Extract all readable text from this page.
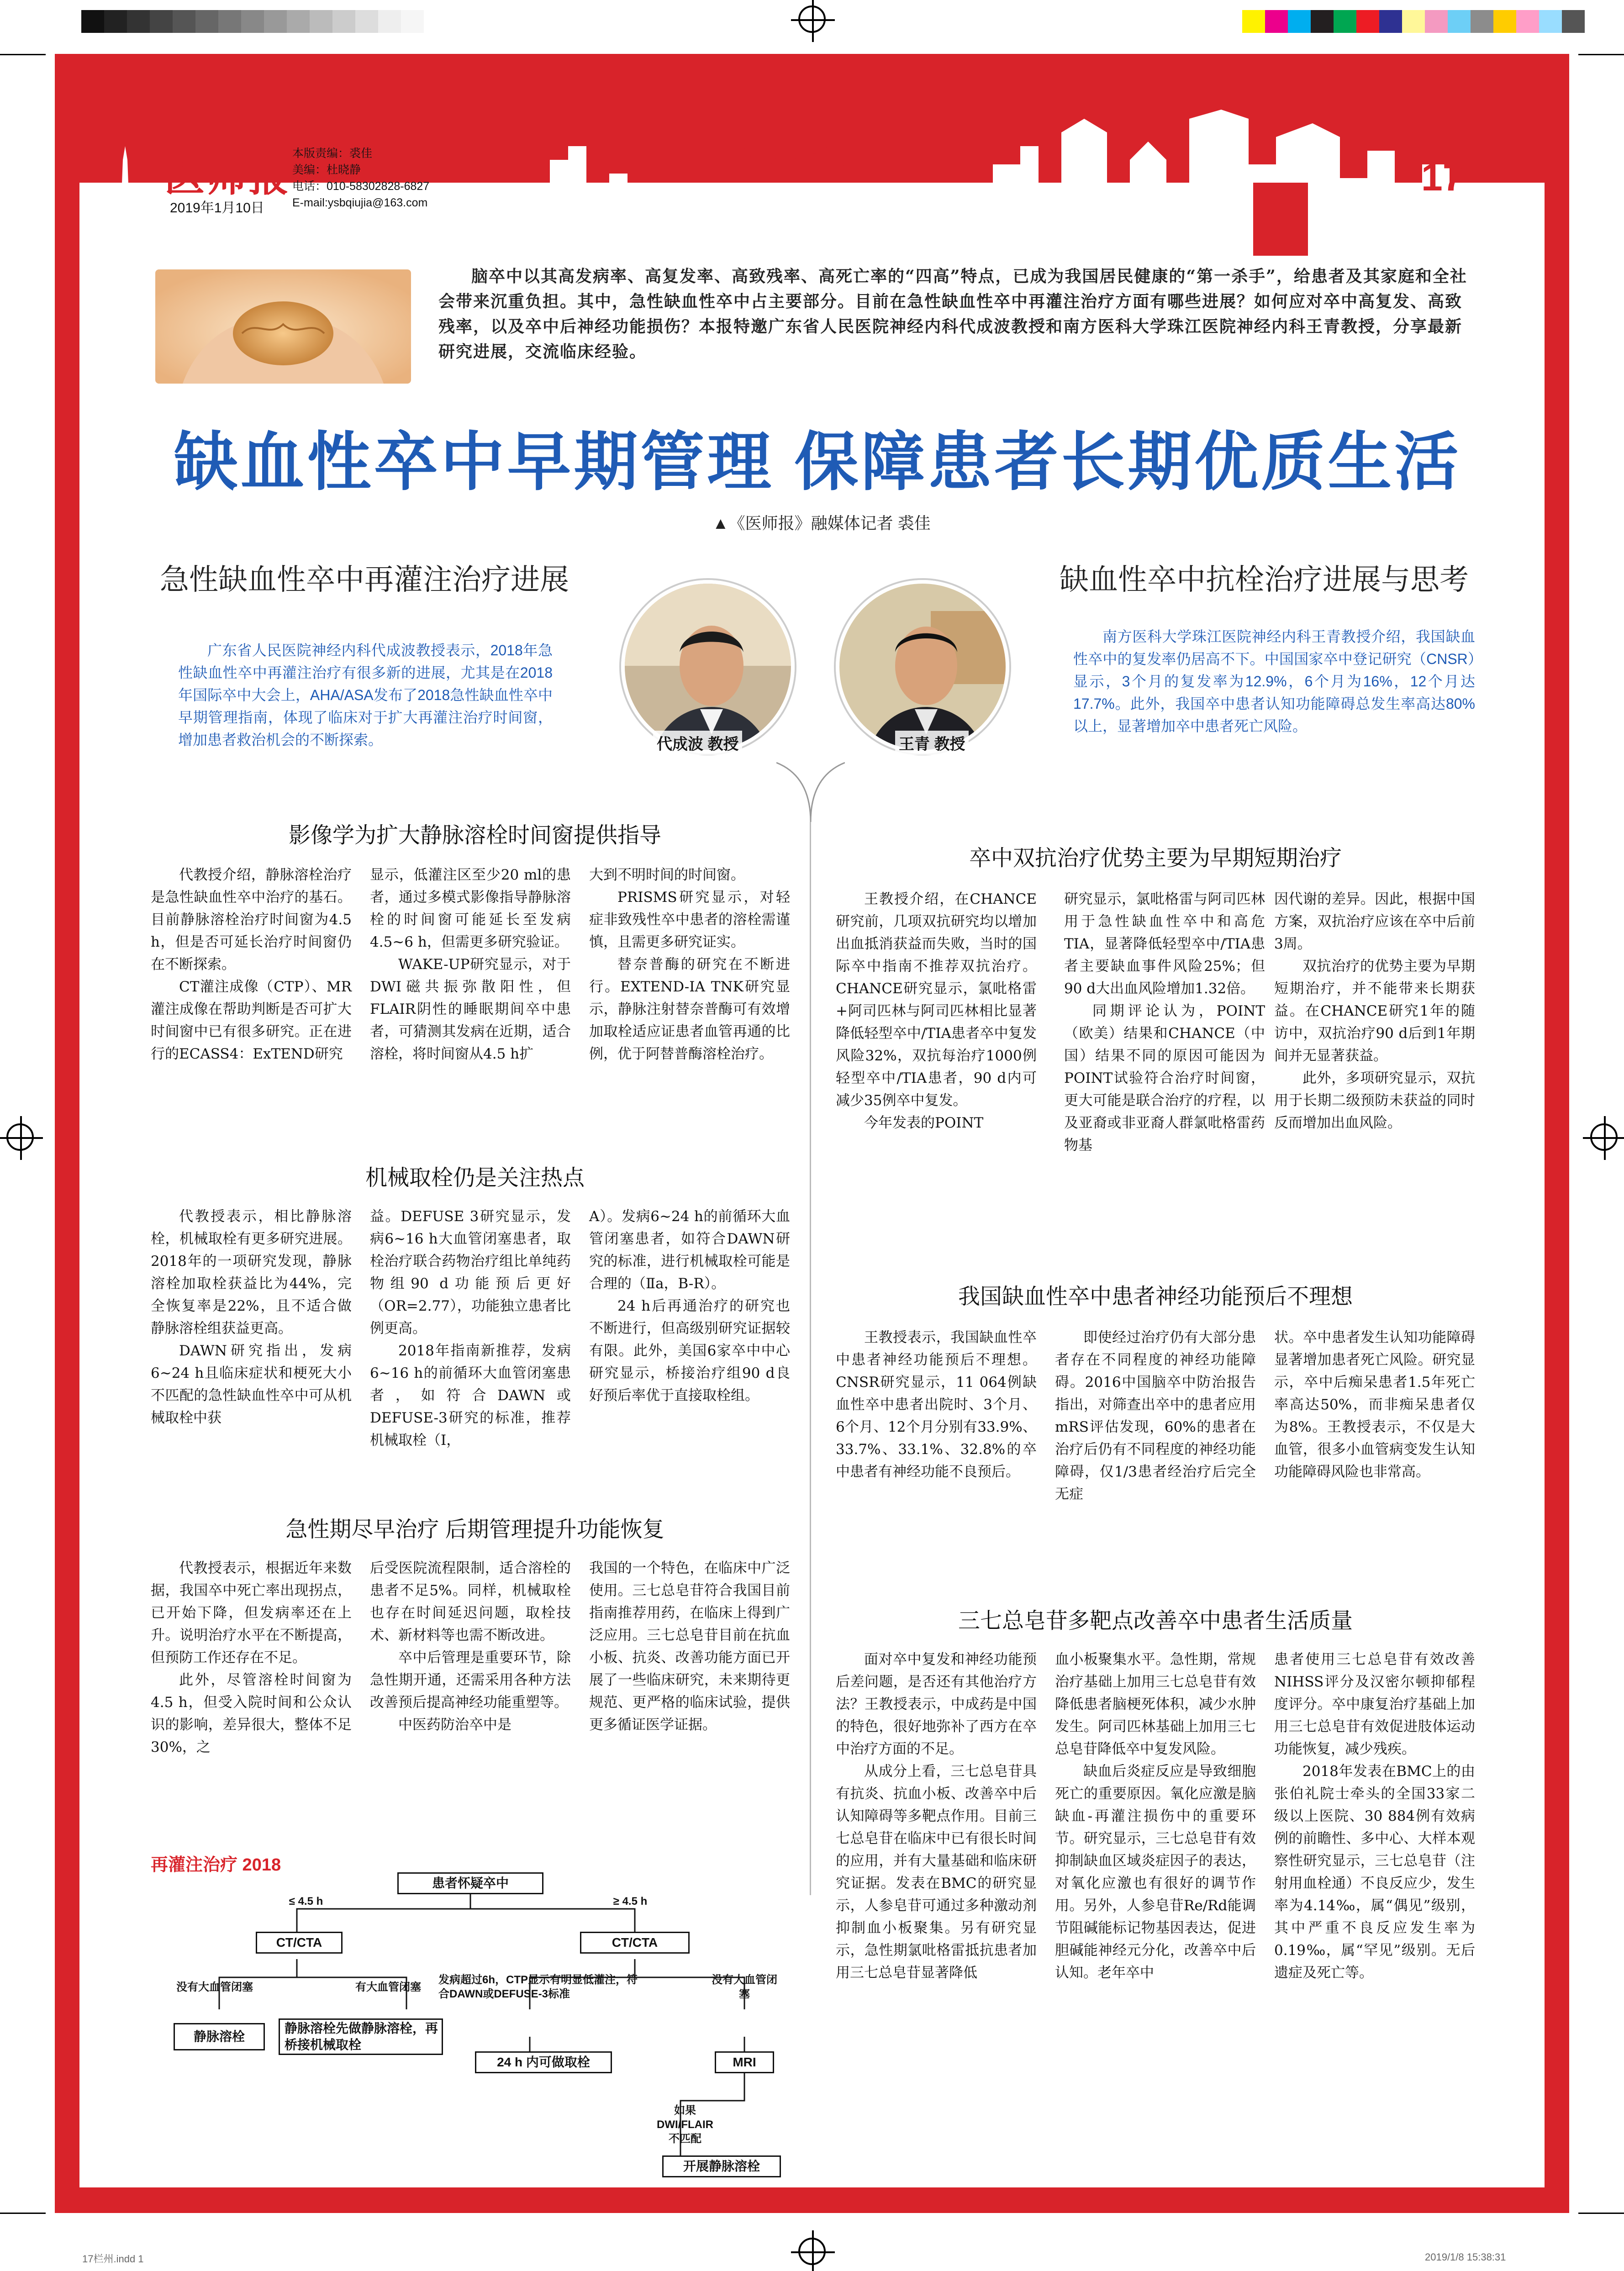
医师报
2019年1月10日
本版责编：裘佳
美编：杜晓静
电话：010-58302828-6827
E-mail:ysbqiujia@163.com
特别报道	17
脑卒中以其高发病率、高复发率、高致残率、高死亡率的“四高”特点，已成为我国居民健康的“第一杀手”，给患者及其家庭和全社会带来沉重负担。其中，急性缺血性卒中占主要部分。目前在急性缺血性卒中再灌注治疗方面有哪些进展？如何应对卒中高复发、高致残率，以及卒中后神经功能损伤？本报特邀广东省人民医院神经内科代成波教授和南方医科大学珠江医院神经内科王青教授，分享最新研究进展，交流临床经验。
缺血性卒中早期管理 保障患者长期优质生活
▲《医师报》融媒体记者 裘佳
急性缺血性卒中再灌注治疗进展
广东省人民医院神经内科代成波教授表示，2018年急性缺血性卒中再灌注治疗有很多新的进展，尤其是在2018年国际卒中大会上，AHA/ASA发布了2018急性缺血性卒中早期管理指南，体现了临床对于扩大再灌注治疗时间窗，增加患者救治机会的不断探索。
缺血性卒中抗栓治疗进展与思考
南方医科大学珠江医院神经内科王青教授介绍，我国缺血性卒中的复发率仍居高不下。中国国家卒中登记研究（CNSR）显示，3个月的复发率为12.9%，6个月为16%，12个月达17.7%。此外，我国卒中患者认知功能障碍总发生率高达80%以上，显著增加卒中患者死亡风险。
代成波 教授	王青 教授
影像学为扩大静脉溶栓时间窗提供指导

代教授介绍，静脉溶栓治疗是急性缺血性卒中治疗的基石。目前静脉溶栓治疗时间窗为4.5 h，但是否可延长治疗时间窗仍在不断探索。

CT灌注成像（CTP）、MR灌注成像在帮助判断是否可扩大时间窗中已有很多研究。正在进行的ECASS4：ExTEND研究

显示，低灌注区至少20 ml的患者，通过多模式影像指导静脉溶栓的时间窗可能延长至发病4.5~6 h，但需更多研究验证。

WAKE-UP研究显示，对于DWI磁共振弥散阳性，但FLAIR阴性的睡眠期间卒中患者，可猜测其发病在近期，适合溶栓，将时间窗从4.5 h扩

大到不明时间的时间窗。

PRISMS研究显示，对轻症非致残性卒中患者的溶栓需谨慎，且需更多研究证实。

替奈普酶的研究在不断进行。EXTEND-IA TNK研究显示，静脉注射替奈普酶可有效增加取栓适应证患者血管再通的比例，优于阿替普酶溶栓治疗。

机械取栓仍是关注热点

代教授表示，相比静脉溶栓，机械取栓有更多研究进展。2018年的一项研究发现，静脉溶栓加取栓获益比为44%，完全恢复率是22%，且不适合做静脉溶栓组获益更高。

DAWN研究指出，发病6~24 h且临床症状和梗死大小不匹配的急性缺血性卒中可从机械取栓中获

益。DEFUSE 3研究显示，发病6~16 h大血管闭塞患者，取栓治疗联合药物治疗组比单纯药物组90 d功能预后更好（OR=2.77），功能独立患者比例更高。

2018年指南新推荐，发病6~16 h的前循环大血管闭塞患者，如符合DAWN或DEFUSE-3研究的标准，推荐机械取栓（Ⅰ，

A）。发病6~24 h的前循环大血管闭塞患者，如符合DAWN研究的标准，进行机械取栓可能是合理的（Ⅱa，B-R）。

24 h后再通治疗的研究也不断进行，但高级别研究证据较有限。此外，美国6家卒中中心研究显示，桥接治疗组90 d良好预后率优于直接取栓组。

急性期尽早治疗 后期管理提升功能恢复

代教授表示，根据近年来数据，我国卒中死亡率出现拐点，已开始下降，但发病率还在上升。说明治疗水平在不断提高，但预防工作还存在不足。

此外，尽管溶栓时间窗为4.5 h，但受入院时间和公众认识的影响，差异很大，整体不足30%，之

后受医院流程限制，适合溶栓的患者不足5%。同样，机械取栓也存在时间延迟问题，取栓技术、新材料等也需不断改进。

卒中后管理是重要环节，除急性期开通，还需采用各种方法改善预后提高神经功能重塑等。

中医药防治卒中是

我国的一个特色，在临床中广泛使用。三七总皂苷符合我国目前指南推荐用药，在临床上得到广泛应用。三七总皂苷目前在抗血小板、抗炎、改善功能方面已开展了一些临床研究，未来期待更规范、更严格的临床试验，提供更多循证医学证据。

再灌注治疗 2018
患者怀疑卒中
≤ 4.5 h	≥ 4.5 h
CT/CTA	CT/CTA
没有大血管闭塞	有大血管闭塞
发病超过6h，CTP显示有明显低灌注，符合DAWN或DEFUSE-3标准
没有大血管闭塞
静脉溶栓
静脉溶栓先做静脉溶栓，再桥接机械取栓
24 h 内可做取栓	MRI
如果DWI/FLAIR不匹配
开展静脉溶栓
卒中双抗治疗优势主要为早期短期治疗

王教授介绍，在CHANCE研究前，几项双抗研究均以增加出血抵消获益而失败，当时的国际卒中指南不推荐双抗治疗。CHANCE研究显示，氯吡格雷+阿司匹林与阿司匹林相比显著降低轻型卒中/TIA患者卒中复发风险32%，双抗每治疗1000例轻型卒中/TIA患者，90 d内可减少35例卒中复发。

今年发表的POINT

研究显示，氯吡格雷与阿司匹林用于急性缺血性卒中和高危TIA，显著降低轻型卒中/TIA患者主要缺血事件风险25%；但90 d大出血风险增加1.32倍。

同期评论认为，POINT（欧美）结果和CHANCE（中国）结果不同的原因可能因为POINT试验符合治疗时间窗，更大可能是联合治疗的疗程，以及亚裔或非亚裔人群氯吡格雷药物基

因代谢的差异。因此，根据中国方案，双抗治疗应该在卒中后前3周。

双抗治疗的优势主要为早期短期治疗，并不能带来长期获益。在CHANCE研究1年的随访中，双抗治疗90 d后到1年期间并无显著获益。

此外，多项研究显示，双抗用于长期二级预防未获益的同时反而增加出血风险。

我国缺血性卒中患者神经功能预后不理想

王教授表示，我国缺血性卒中患者神经功能预后不理想。CNSR研究显示，11 064例缺血性卒中患者出院时、3个月、6个月、12个月分别有33.9%、33.7%、33.1%、32.8%的卒中患者有神经功能不良预后。

即使经过治疗仍有大部分患者存在不同程度的神经功能障碍。2016中国脑卒中防治报告指出，对筛查出卒中的患者应用mRS评估发现，60%的患者在治疗后仍有不同程度的神经功能障碍，仅1/3患者经治疗后完全无症

状。卒中患者发生认知功能障碍显著增加患者死亡风险。研究显示，卒中后痴呆患者1.5年死亡率高达50%，而非痴呆患者仅为8%。王教授表示，不仅是大血管，很多小血管病变发生认知功能障碍风险也非常高。

三七总皂苷多靶点改善卒中患者生活质量

面对卒中复发和神经功能预后差问题，是否还有其他治疗方法？王教授表示，中成药是中国的特色，很好地弥补了西方在卒中治疗方面的不足。

从成分上看，三七总皂苷具有抗炎、抗血小板、改善卒中后认知障碍等多靶点作用。目前三七总皂苷在临床中已有很长时间的应用，并有大量基础和临床研究证据。发表在BMC的研究显示，人参皂苷可通过多种激动剂抑制血小板聚集。另有研究显示，急性期氯吡格雷抵抗患者加用三七总皂苷显著降低

血小板聚集水平。急性期，常规治疗基础上加用三七总皂苷有效降低患者脑梗死体积，减少水肿发生。阿司匹林基础上加用三七总皂苷降低卒中复发风险。

缺血后炎症反应是导致细胞死亡的重要原因。氧化应激是脑缺血-再灌注损伤中的重要环节。研究显示，三七总皂苷有效抑制缺血区域炎症因子的表达，对氧化应激也有很好的调节作用。另外，人参皂苷Re/Rd能调节阻碱能标记物基因表达，促进胆碱能神经元分化，改善卒中后认知。老年卒中

患者使用三七总皂苷有效改善NIHSS评分及汉密尔顿抑郁程度评分。卒中康复治疗基础上加用三七总皂苷有效促进肢体运动功能恢复，减少残疾。

2018年发表在BMC上的由张伯礼院士牵头的全国33家二级以上医院、30 884例有效病例的前瞻性、多中心、大样本观察性研究显示，三七总皂苷（注射用血栓通）不良反应少，发生率为4.14‰，属“偶见”级别，其中严重不良反应发生率为0.19‰，属“罕见”级别。无后遗症及死亡等。

17栏州.indd 1	2019/1/8 15:38:31
